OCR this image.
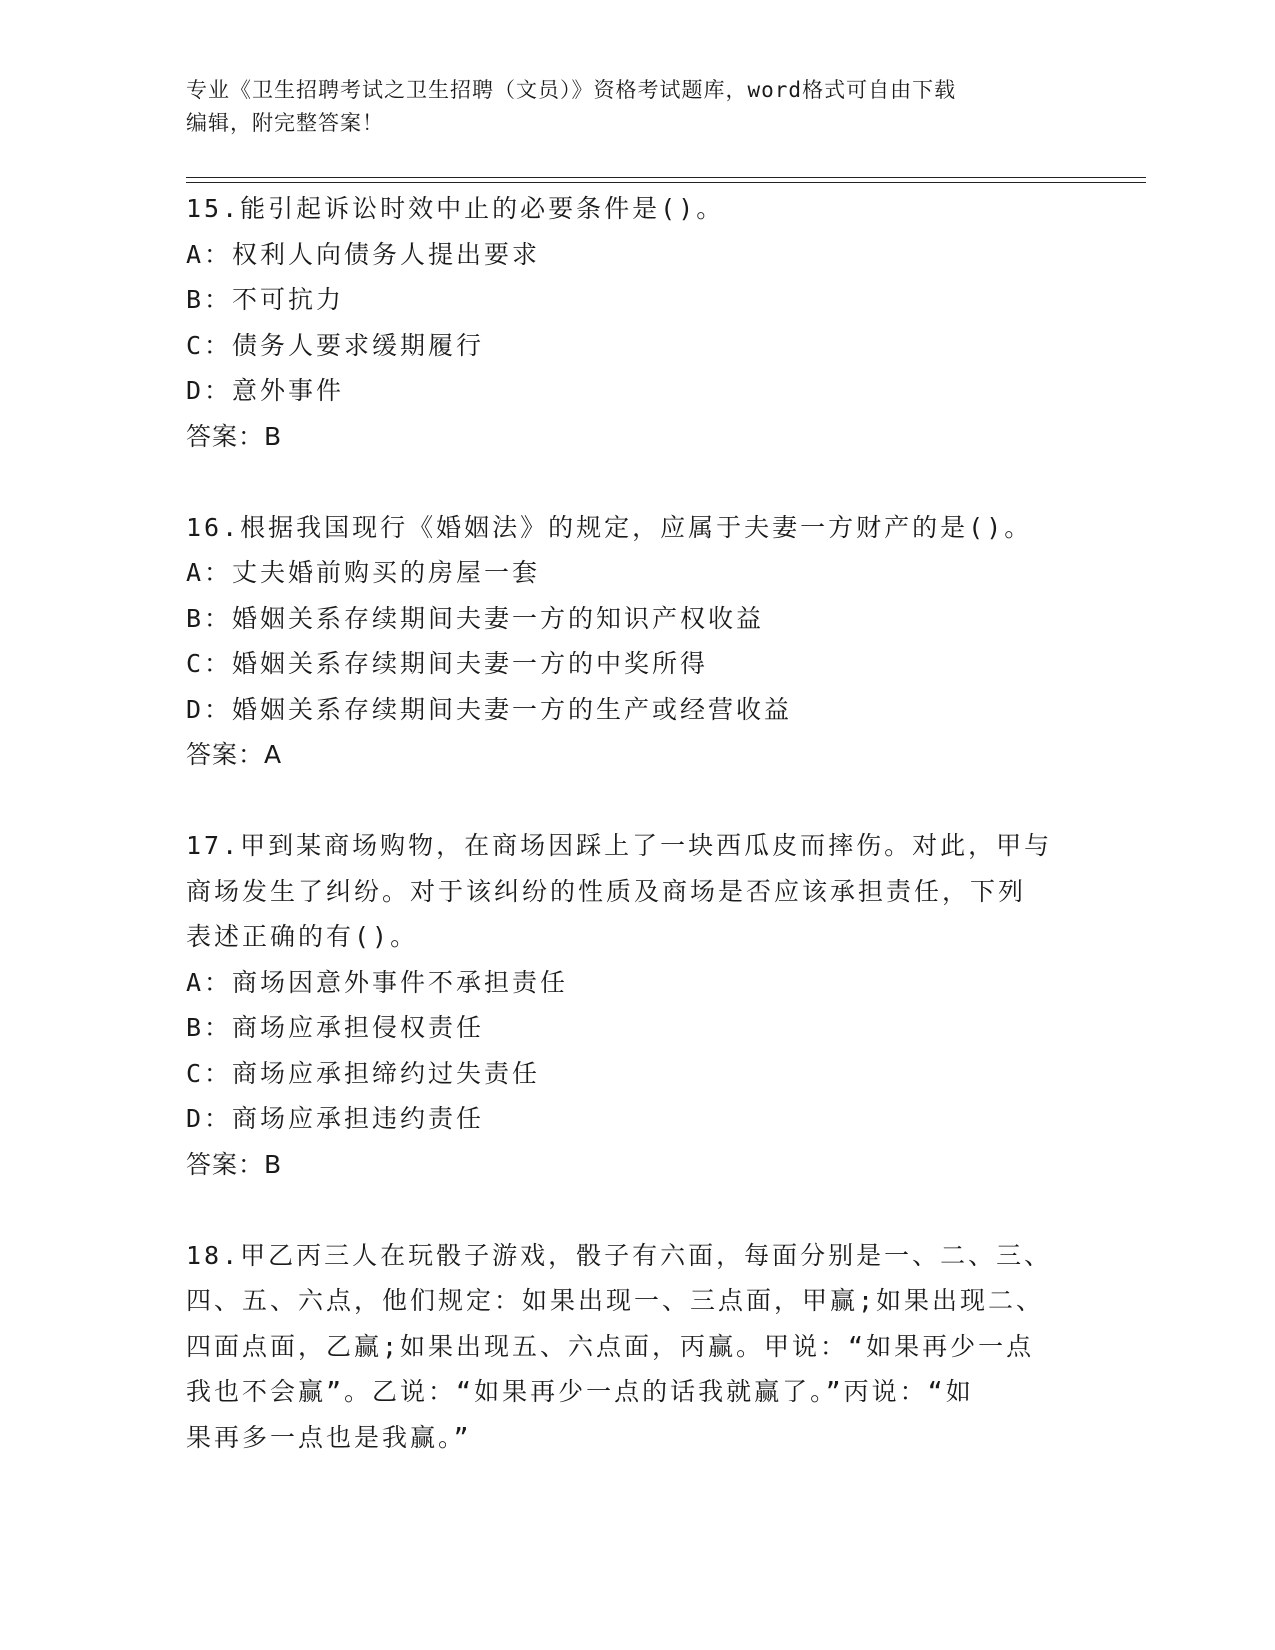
专业《卫生招聘考试之卫生招聘（文员）》资格考试题库，word格式可自由下载
编辑，附完整答案！
15.能引起诉讼时效中止的必要条件是()。
A：权利人向债务人提出要求
B：不可抗力
C：债务人要求缓期履行
D：意外事件
答案：B
16.根据我国现行《婚姻法》的规定，应属于夫妻一方财产的是()。
A：丈夫婚前购买的房屋一套
B：婚姻关系存续期间夫妻一方的知识产权收益
C：婚姻关系存续期间夫妻一方的中奖所得
D：婚姻关系存续期间夫妻一方的生产或经营收益
答案：A
17.甲到某商场购物，在商场因踩上了一块西瓜皮而摔伤。对此，甲与
商场发生了纠纷。对于该纠纷的性质及商场是否应该承担责任，下列
表述正确的有()。
A：商场因意外事件不承担责任
B：商场应承担侵权责任
C：商场应承担缔约过失责任
D：商场应承担违约责任
答案：B
18.甲乙丙三人在玩骰子游戏，骰子有六面，每面分别是一、二、三、
四、五、六点，他们规定：如果出现一、三点面，甲赢;如果出现二、
四面点面，乙赢;如果出现五、六点面，丙赢。甲说：“如果再少一点
我也不会赢”。乙说：“如果再少一点的话我就赢了。”丙说：“如
果再多一点也是我赢。”
